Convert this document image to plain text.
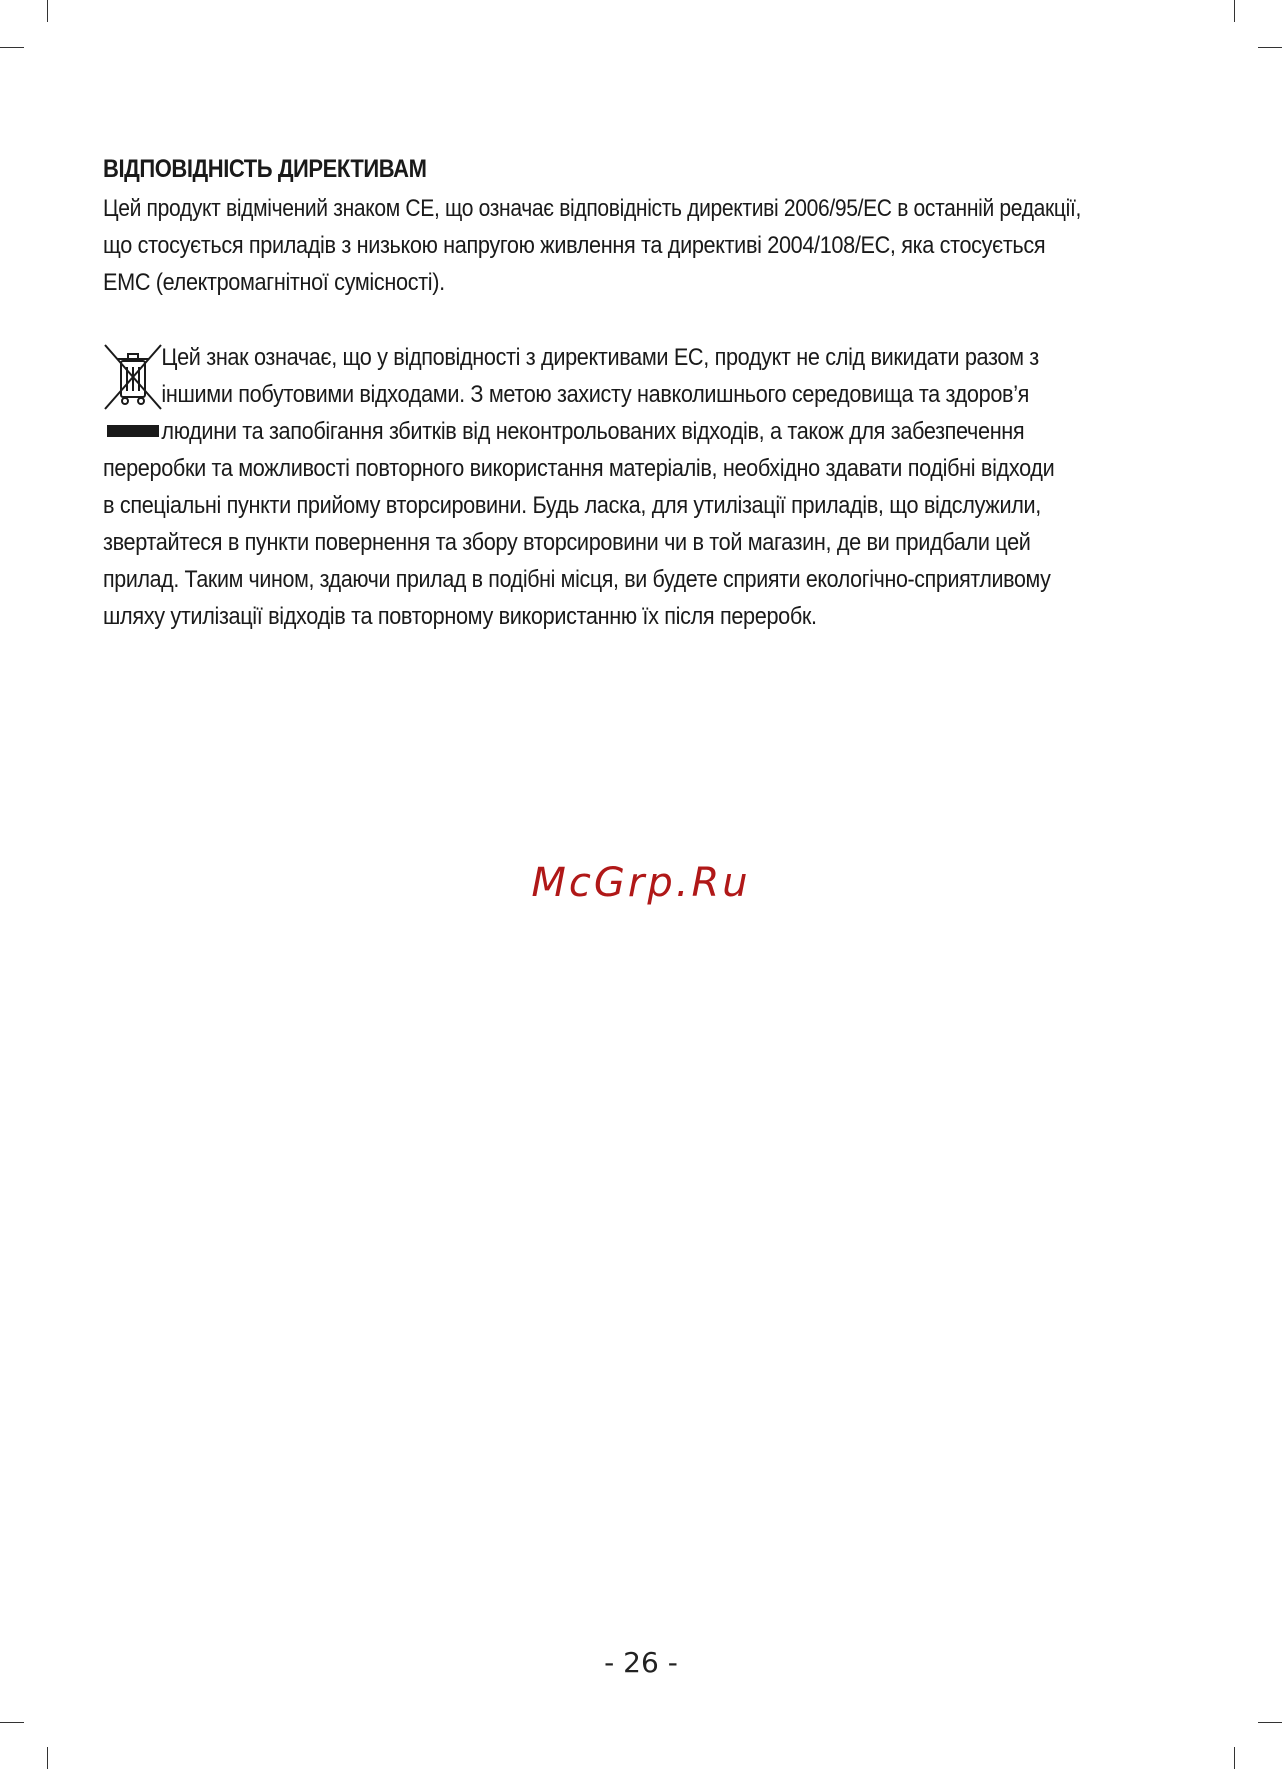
ВІДПОВІДНІСТЬ ДИРЕКТИВАМ

Цей продукт відмічений знаком СЕ, що означає відповідність директиві 2006/95/ЕС в останній редакції,
що стосується приладів з низькою напругою живлення та директиві 2004/108/ЕС, яка стосується
ЕМС (електромагнітної сумісності).

Цей знак означає, що у відповідності з директивами ЕС, продукт не слід викидати разом з
іншими побутовими відходами. З метою захисту навколишнього середовища та здоров’я
людини та запобігання збитків від неконтрольованих відходів, а також для забезпечення
переробки та можливості повторного використання матеріалів, необхідно здавати подібні відходи
в спеціальні пункти прийому вторсировини. Будь ласка, для утилізації приладів, що відслужили,
звертайтеся в пункти повернення та збору вторсировини чи в той магазин, де ви придбали цей
прилад. Таким чином, здаючи прилад в подібні місця, ви будете сприяти екологічно-сприятливому
шляху утилізації відходів та повторному використанню їх після переробк.

McGrp.Ru
- 26 -
